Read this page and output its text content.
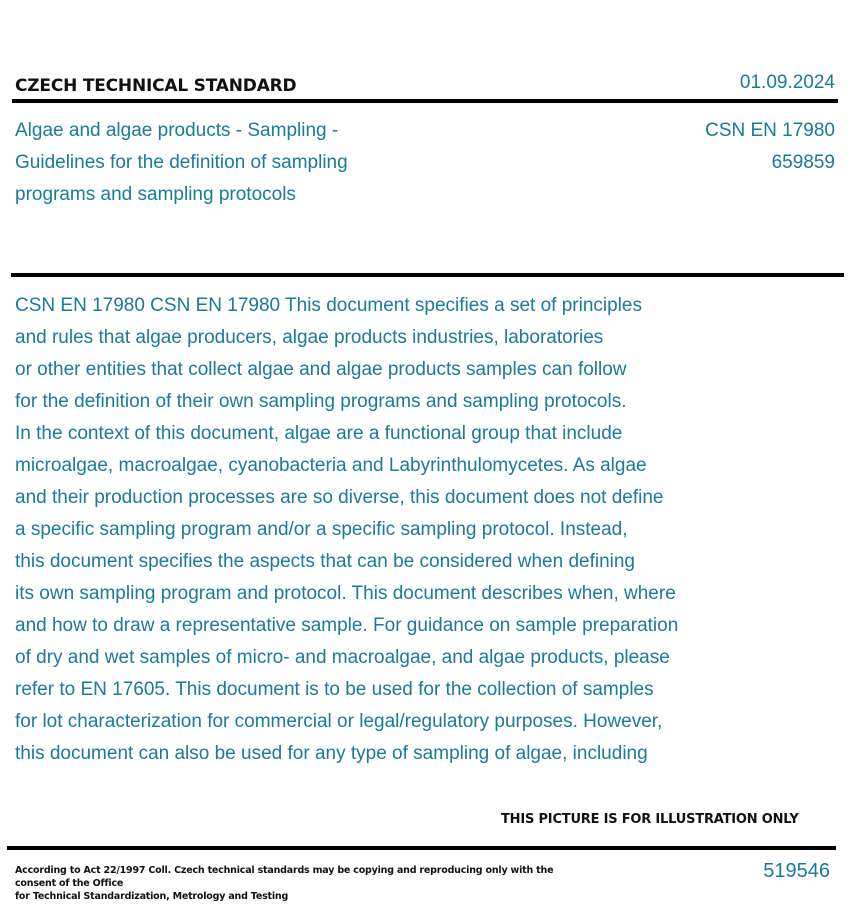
CZECH TECHNICAL STANDARD	01.09.2024
Algae and algae products - Sampling -
Guidelines for the definition of sampling
programs and sampling protocols
CSN EN 17980
659859
CSN EN 17980 CSN EN 17980 This document specifies a set of principles
and rules that algae producers, algae products industries, laboratories
or other entities that collect algae and algae products samples can follow
for the definition of their own sampling programs and sampling protocols.
In the context of this document, algae are a functional group that include
microalgae, macroalgae, cyanobacteria and Labyrinthulomycetes. As algae
and their production processes are so diverse, this document does not define
a specific sampling program and/or a specific sampling protocol. Instead,
this document specifies the aspects that can be considered when defining
its own sampling program and protocol. This document describes when, where
and how to draw a representative sample. For guidance on sample preparation
of dry and wet samples of micro- and macroalgae, and algae products, please
refer to EN 17605. This document is to be used for the collection of samples
for lot characterization for commercial or legal/regulatory purposes. However,
this document can also be used for any type of sampling of algae, including
THIS PICTURE IS FOR ILLUSTRATION ONLY
According to Act 22/1997 Coll. Czech technical standards may be copying and reproducing only with the consent of the Office
for Technical Standardization, Metrology and Testing
519546
